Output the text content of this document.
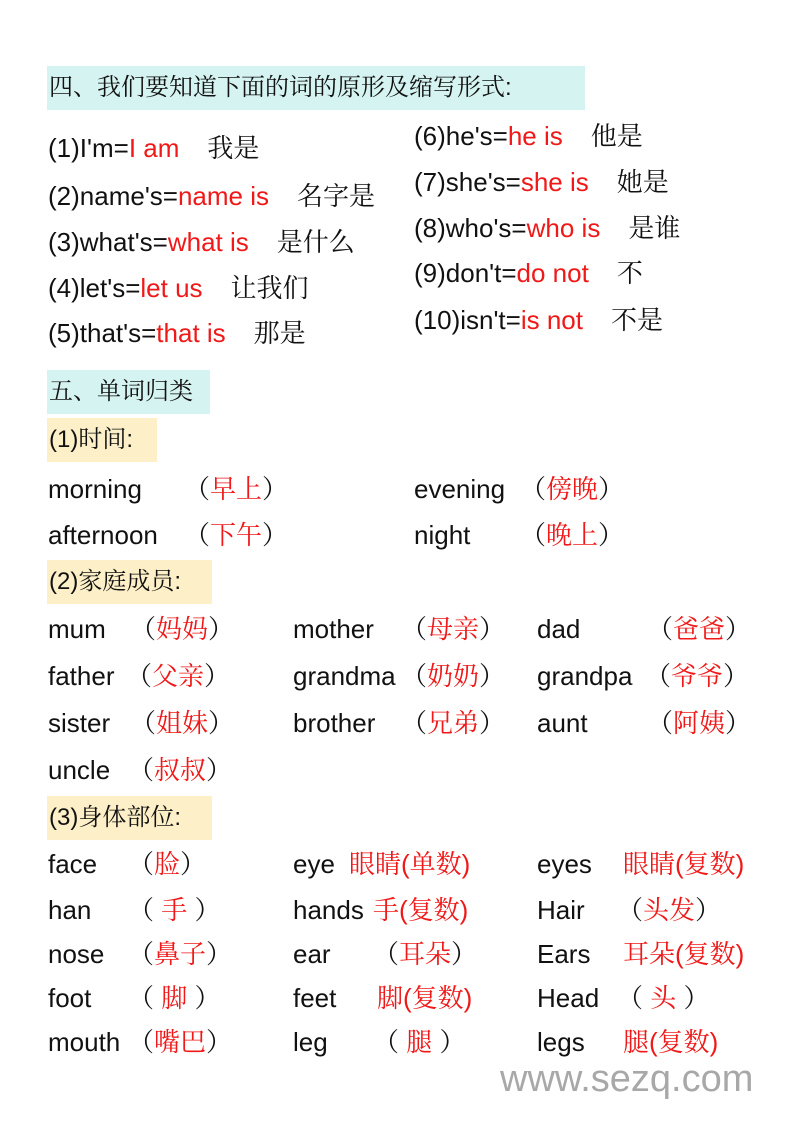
四、我们要知道下面的词的原形及缩写形式:
(1)I'm=I am 我是
(2)name's=name is 名字是
(3)what's=what is 是什么
(4)let's=let us 让我们
(5)that's=that is 那是
(6)he's=he is 他是
(7)she's=she is 她是
(8)who's=who is 是谁
(9)don't=do not 不
(10)isn't=is not 不是
五、单词归类
(1)时间:
morning （早上）	evening （傍晚）
afternoon （下午）	night （晚上）
(2)家庭成员:
mum （妈妈） mother （母亲） dad	（爸爸）
father （父亲） grandma （奶奶） grandpa （爷爷）
sister （姐妹） brother （兄弟） aunt （阿姨）
uncle （叔叔）
(3)身体部位:
face （脸）	eye 眼睛(单数)	eyes 眼睛(复数)
han （ 手 ）	hands 手(复数)	Hair （头发）
nose （鼻子） ear （耳朵） Ears 耳朵(复数)
foot （ 脚 ）	feet 脚(复数) Head （ 头 ）
mouth （嘴巴） leg （ 腿 ）	legs 腿(复数)
www.sezq.com
